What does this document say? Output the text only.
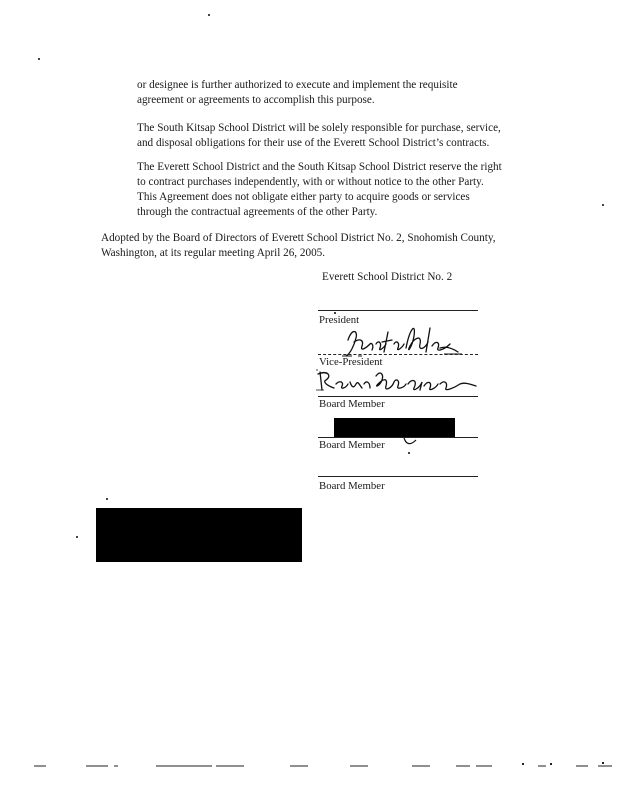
or designee is further authorized to execute and implement the requisite
agreement or agreements to accomplish this purpose.
The South Kitsap School District will be solely responsible for purchase, service,
and disposal obligations for their use of the Everett School District’s contracts.
The Everett School District and the South Kitsap School District reserve the right
to contract purchases independently, with or without notice to the other Party.
This Agreement does not obligate either party to acquire goods or services
through the contractual agreements of the other Party.
Adopted by the Board of Directors of Everett School District No. 2, Snohomish County,
Washington, at its regular meeting April 26, 2005.
Everett School District No. 2
President
Vice-President
Board Member
Board Member
Board Member
